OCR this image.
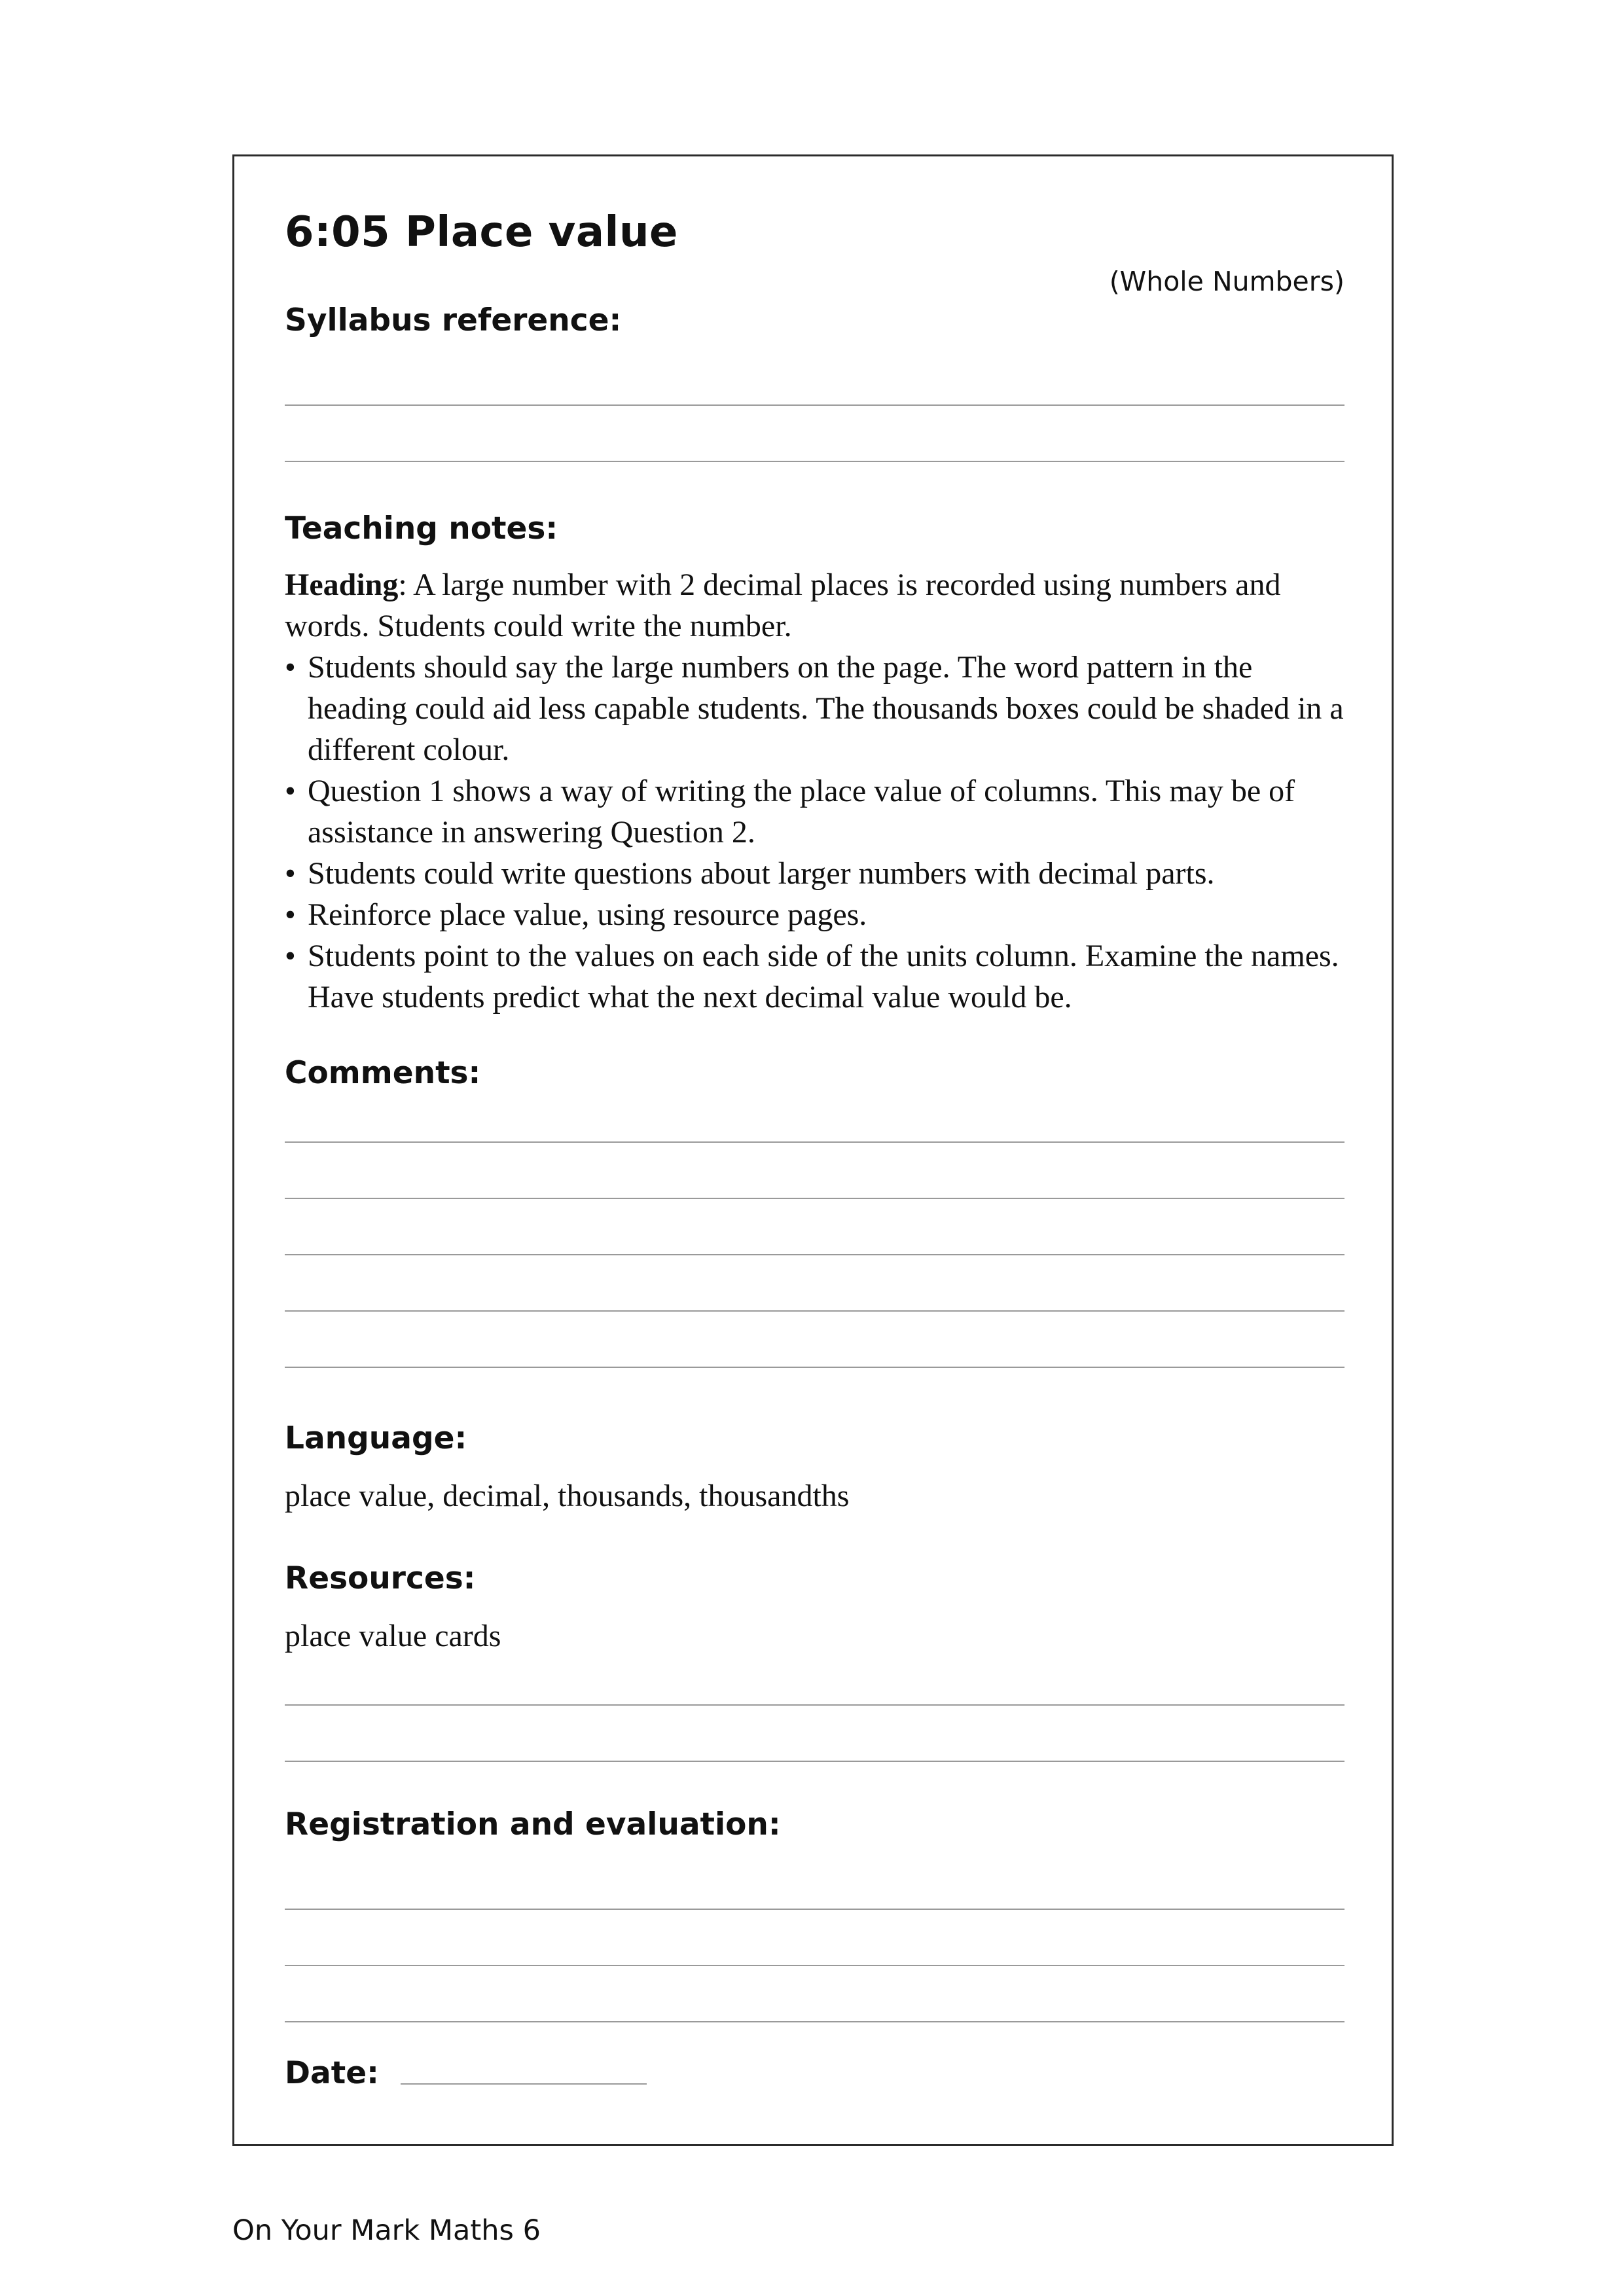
6:05 Place value
(Whole Numbers)
Syllabus reference:
Teaching notes:
Heading: A large number with 2 decimal places is recorded using numbers and words. Students could write the number.
• Students should say the large numbers on the page. The word pattern in the heading could aid less capable students. The thousands boxes could be shaded in a different colour.
• Question 1 shows a way of writing the place value of columns. This may be of assistance in answering Question 2.
• Students could write questions about larger numbers with decimal parts.
• Reinforce place value, using resource pages.
• Students point to the values on each side of the units column. Examine the names. Have students predict what the next decimal value would be.
Comments:
Language:
place value, decimal, thousands, thousandths
Resources:
place value cards
Registration and evaluation:
Date:
On Your Mark Maths 6
